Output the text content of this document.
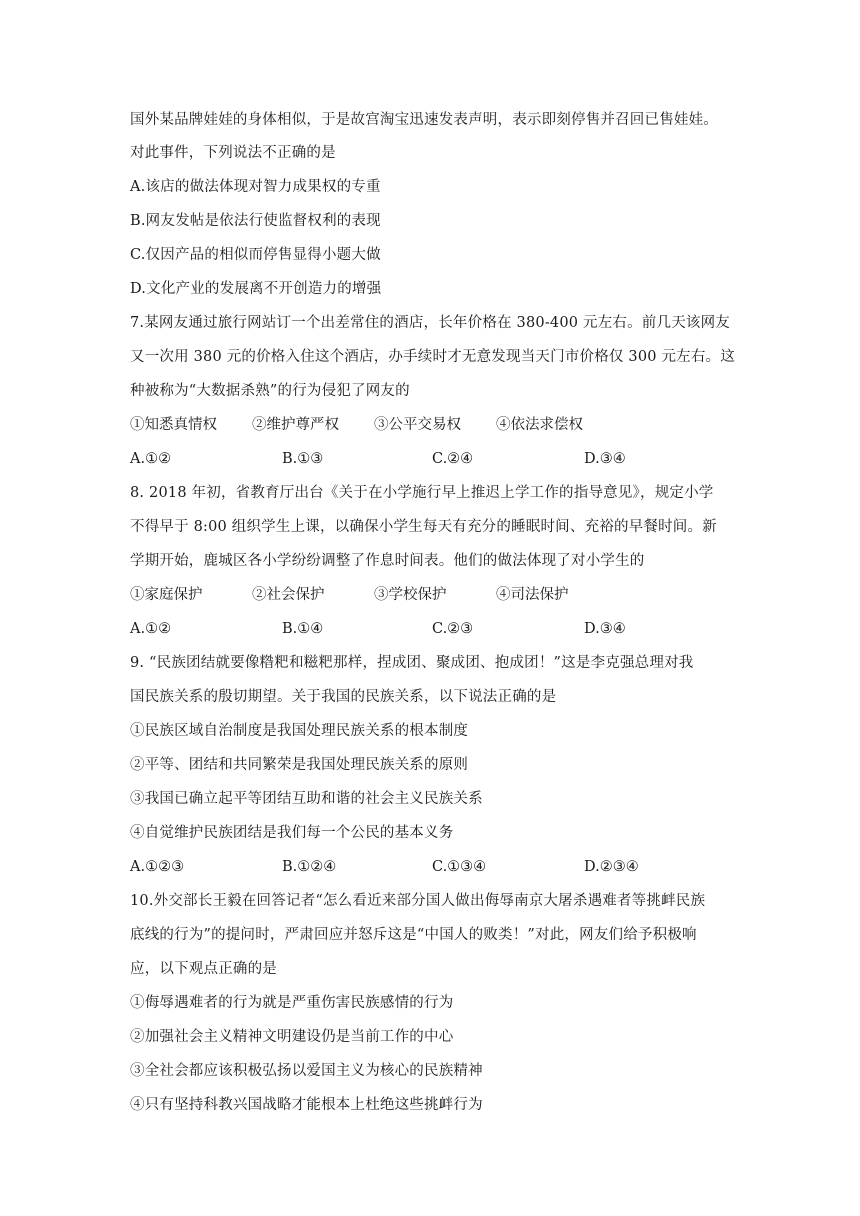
国外某品牌娃娃的身体相似，于是故宫淘宝迅速发表声明，表示即刻停售并召回已售娃娃。
对此事件，下列说法不正确的是
A.该店的做法体现对智力成果权的专重
B.网友发帖是依法行使监督权利的表现
C.仅因产品的相似而停售显得小题大做
D.文化产业的发展离不开创造力的增强
7.某网友通过旅行网站订一个出差常住的酒店，长年价格在 380-400 元左右。前几天该网友
又一次用 380 元的价格入住这个酒店，办手续时才无意发现当天门市价格仅 300 元左右。这
种被称为“大数据杀熟”的行为侵犯了网友的
①知悉真情权 ②维护尊严权 ③公平交易权 ④依法求偿权
A.①②	B.①③	C.②④	D.③④
8. 2018 年初，省教育厅出台《关于在小学施行早上推迟上学工作的指导意见》，规定小学
不得早于 8:00 组织学生上课，以确保小学生每天有充分的睡眠时间、充裕的早餐时间。新
学期开始，鹿城区各小学纷纷调整了作息时间表。他们的做法体现了对小学生的
①家庭保护	②社会保护	③学校保护	④司法保护
A.①②	B.①④	C.②③	D.③④
9. “民族团结就要像糌粑和糍粑那样，捏成团、聚成团、抱成团！”这是李克强总理对我
国民族关系的殷切期望。关于我国的民族关系，以下说法正确的是
①民族区域自治制度是我国处理民族关系的根本制度
②平等、团结和共同繁荣是我国处理民族关系的原则
③我国已确立起平等团结互助和谐的社会主义民族关系
④自觉维护民族团结是我们每一个公民的基本义务
A.①②③	B.①②④	C.①③④	D.②③④
10.外交部长王毅在回答记者“怎么看近来部分国人做出侮辱南京大屠杀遇难者等挑衅民族
底线的行为”的提问时，严肃回应并怒斥这是“中国人的败类！”对此，网友们给予积极响
应，以下观点正确的是
①侮辱遇难者的行为就是严重伤害民族感情的行为
②加强社会主义精神文明建设仍是当前工作的中心
③全社会都应该积极弘扬以爱国主义为核心的民族精神
④只有坚持科教兴国战略才能根本上杜绝这些挑衅行为
